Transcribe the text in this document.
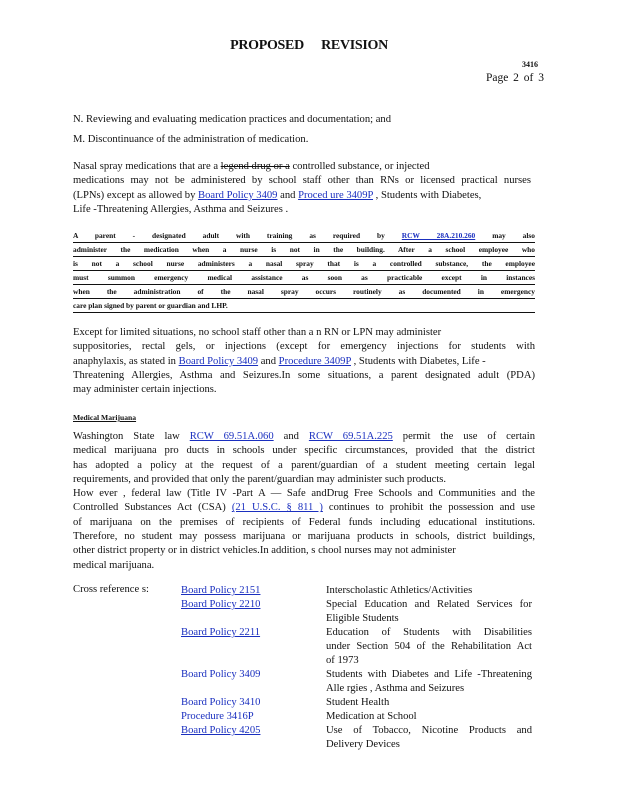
PROPOSED REVISION
3416
Page 2 of 3
N. Reviewing and evaluating medication practices and documentation; and
M. Discontinuance of the administration of medication.
Nasal spray medications that are a legend drug or a controlled substance, or injected
medications may not be administered by school staff other than RNs or licensed practical nurses
(LPNs) except as allowed by Board Policy 3409 and Proced ure 3409P , Students with Diabetes,
Life -Threatening Allergies, Asthma and Seizures .
A parent - designated adult with training as required by RCW 28A.210.260 may also
administer the medication when a nurse is not in the building. After a school employee who
is not a school nurse administers a nasal spray that is a controlled substance, the employee
must summon emergency medical assistance as soon as practicable except in instances
when the administration of the nasal spray occurs routinely as documented in emergency
care plan signed by parent or guardian and LHP.
Except for limited situations, no school staff other than a n RN or LPN may administer
suppositories, rectal gels, or injections (except for emergency injections for students with
anaphylaxis, as stated in Board Policy 3409 and Procedure 3409P , Students with Diabetes, Life -
Threatening Allergies, Asthma and Seizures.In some situations, a parent designated adult (PDA)
may administer certain injections.
Medical Marijuana
Washington State law RCW 69.51A.060 and RCW 69.51A.225 permit the use of certain
medical marijuana pro ducts in schools under specific circumstances, provided that the district
has adopted a policy at the request of a parent/guardian of a student meeting certain legal
requirements, and provided that only the parent/guardian may administer such products.
How ever , federal law (Title IV -Part A — Safe andDrug Free Schools and Communities and the
Controlled Substances Act (CSA) (21 U.S.C. § 811 ) continues to prohibit the possession and use
of marijuana on the premises of recipients of Federal funds including educational institutions.
Therefore, no student may possess marijuana or marijuana products in schools, district buildings,
other district property or in district vehicles.In addition, s chool nurses may not administer
medical marijuana.
Cross reference s:	Board Policy 2151	Interscholastic Athletics/Activities
Board Policy 2210	Special Education and Related Services for
Eligible Students
Board Policy 2211	Education of Students with Disabilities
under Section 504 of the Rehabilitation Act
of 1973
Board Policy 3409	Students with Diabetes and Life -Threatening
Alle rgies , Asthma and Seizures
Board Policy 3410	Student Health
Procedure 3416P	Medication at School
Board Policy 4205	Use of Tobacco, Nicotine Products and
Delivery Devices
